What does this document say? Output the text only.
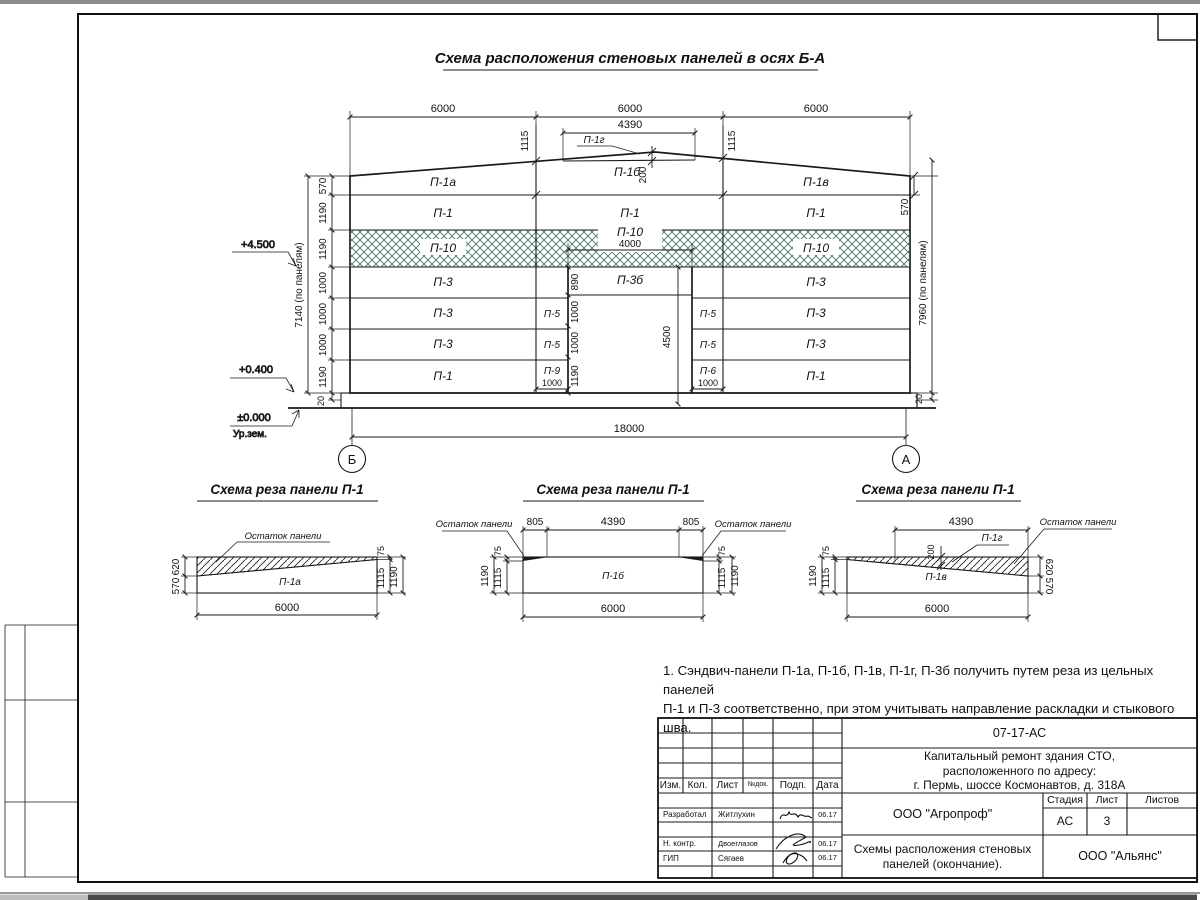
Схема расположения стеновых панелей в осях Б-А
Б	А
18000
6000	6000	6000
4390
1115	1115
200
П-1г
570
1190
1190
1000
1000
1000
1190
20
7140 (по панелям)
570
7960 (по панелям)
20
+4.500
+0.400
±0.000
Ур.зем.
4000
890
1000
1000
1190
4500
1000	1000
П-1а
П-1б
П-1в
П-1	П-1	П-1
П-10
П-10
П-10
П-3	П-3б	П-3
П-3	П-5	П-5	П-3
П-3	П-5	П-5	П-3
П-1	П-9	П-6	П-1
Схема реза панели П-1
Остаток панели
П-1а
620
570
75
1115 1190
6000
Схема реза панели П-1
805	4390	805
Остаток панели	Остаток панели
П-1б
75
1115
1190
75
1115 1190
6000
Схема реза панели П-1
4390
200
П-1г
Остаток панели
П-1в
75
1115
1190	620
570
6000
1. Сэндвич-панели П-1а, П-1б, П-1в, П-1г, П-3б получить путем реза из цельных панелей
П-1 и П-3 соответственно, при этом учитывать направление раскладки и стыкового шва.
Изм. Кол. Лист	№док.	Подп.	Дата
Разработал	Житлухин	06.17
Н. контр.	Двоеглазов	06.17
ГИП	Сягаев	06.17
07-17-АС
Капитальный ремонт здания СТО,
расположенного по адресу:
г. Пермь, шоссе Космонавтов, д. 318А
ООО "Агропроф"
Стадия	Лист	Листов
АС	3
Схемы расположения стеновых
панелей (окончание).
ООО "Альянс"
